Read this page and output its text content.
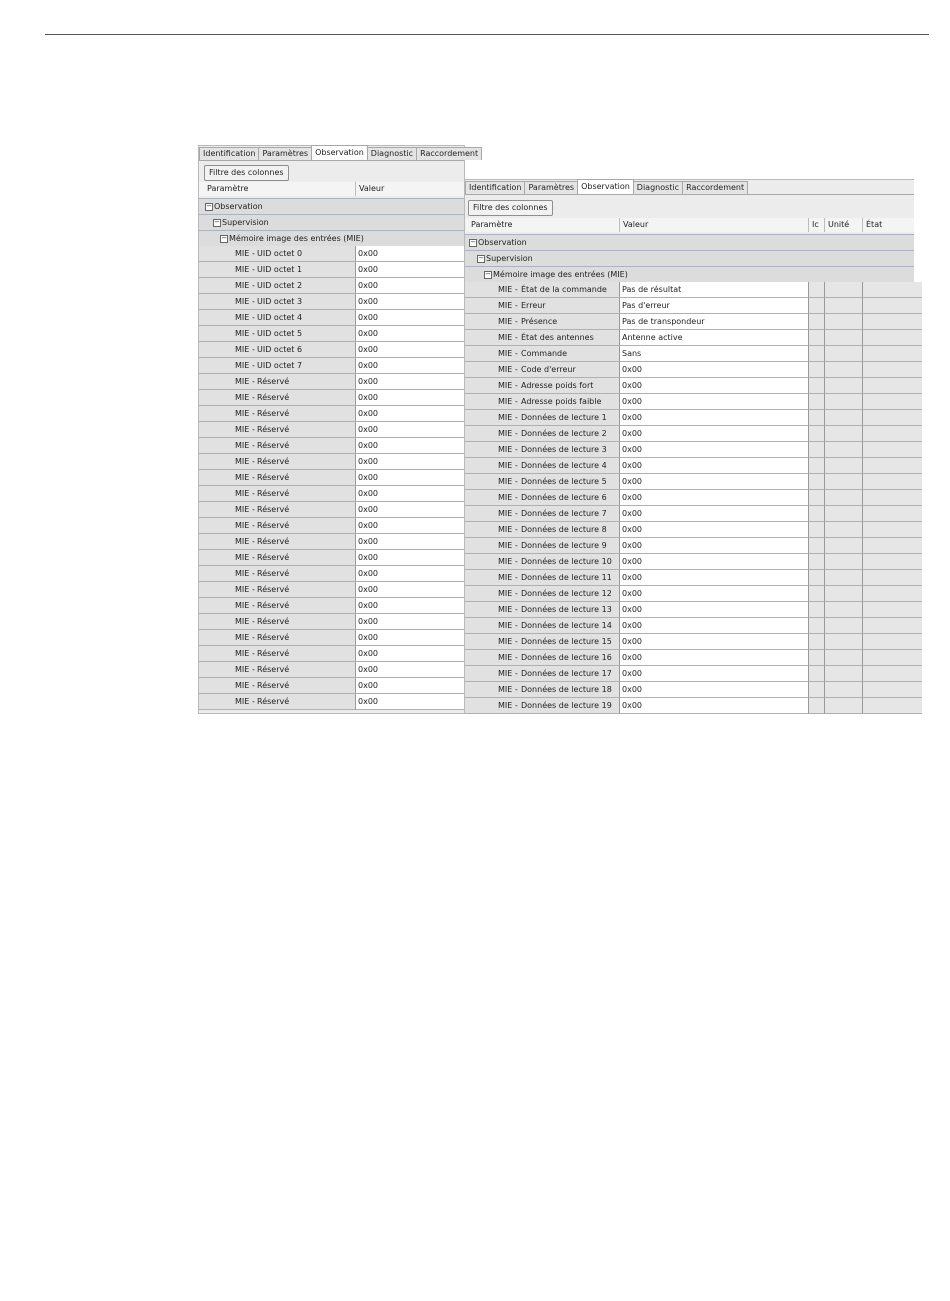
Identification Paramètres Observation Diagnostic Raccordement
Filtre des colonnes
Paramètre	Valeur
− Observation
− Supervision
− Mémoire image des entrées (MIE)
MIE - UID octet 0	0x00
MIE - UID octet 1	0x00
MIE - UID octet 2	0x00
MIE - UID octet 3	0x00
MIE - UID octet 4	0x00
MIE - UID octet 5	0x00
MIE - UID octet 6	0x00
MIE - UID octet 7	0x00
MIE - Réservé	0x00
MIE - Réservé	0x00
MIE - Réservé	0x00
MIE - Réservé	0x00
MIE - Réservé	0x00
MIE - Réservé	0x00
MIE - Réservé	0x00
MIE - Réservé	0x00
MIE - Réservé	0x00
MIE - Réservé	0x00
MIE - Réservé	0x00
MIE - Réservé	0x00
MIE - Réservé	0x00
MIE - Réservé	0x00
MIE - Réservé	0x00
MIE - Réservé	0x00
MIE - Réservé	0x00
MIE - Réservé	0x00
MIE - Réservé	0x00
MIE - Réservé	0x00
MIE - Réservé	0x00
Identification Paramètres Observation Diagnostic Raccordement
Filtre des colonnes
Paramètre	Valeur	Ic	Unité	État
− Observation
− Supervision
− Mémoire image des entrées (MIE)
MIE - État de la commande	Pas de résultat
MIE - Erreur	Pas d'erreur
MIE - Présence	Pas de transpondeur
MIE - État des antennes	Antenne active
MIE - Commande	Sans
MIE - Code d'erreur	0x00
MIE - Adresse poids fort	0x00
MIE - Adresse poids faible	0x00
MIE - Données de lecture 1	0x00
MIE - Données de lecture 2	0x00
MIE - Données de lecture 3	0x00
MIE - Données de lecture 4	0x00
MIE - Données de lecture 5	0x00
MIE - Données de lecture 6	0x00
MIE - Données de lecture 7	0x00
MIE - Données de lecture 8	0x00
MIE - Données de lecture 9	0x00
MIE - Données de lecture 10	0x00
MIE - Données de lecture 11	0x00
MIE - Données de lecture 12	0x00
MIE - Données de lecture 13	0x00
MIE - Données de lecture 14	0x00
MIE - Données de lecture 15	0x00
MIE - Données de lecture 16	0x00
MIE - Données de lecture 17	0x00
MIE - Données de lecture 18	0x00
MIE - Données de lecture 19	0x00
